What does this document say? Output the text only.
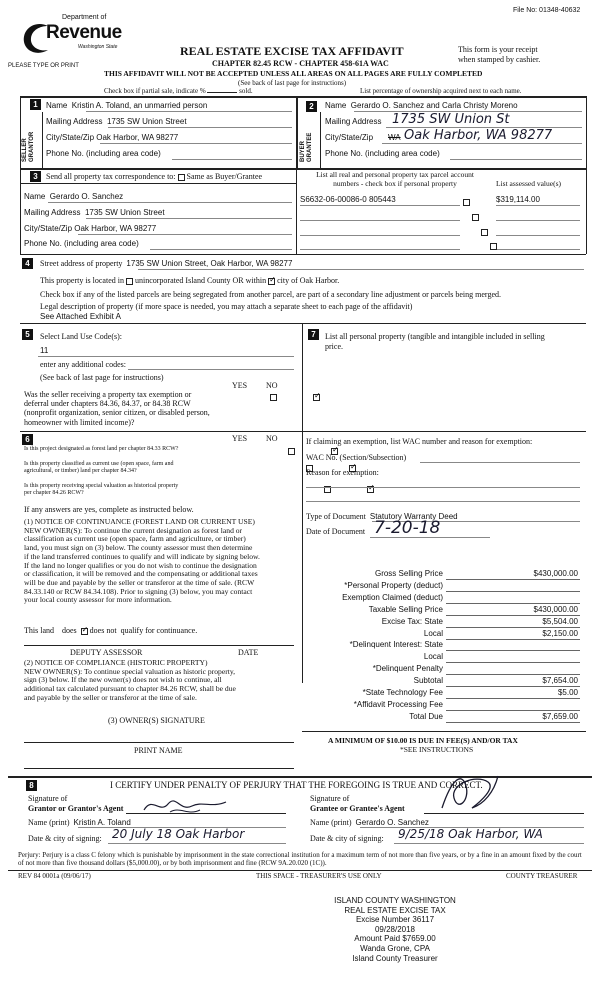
File No: 01348-40632
Department of
Revenue
Washington State
PLEASE TYPE OR PRINT
REAL ESTATE EXCISE TAX AFFIDAVIT
CHAPTER 82.45 RCW - CHAPTER 458-61A WAC
This form is your receipt
when stamped by cashier.
THIS AFFIDAVIT WILL NOT BE ACCEPTED UNLESS ALL AREAS ON ALL PAGES ARE FULLY COMPLETED
(See back of last page for instructions)
Check box if partial sale, indicate %	sold.	List percentage of ownership acquired next to each name.
1
SELLER GRANTOR
Name Kristin A. Toland, an unmarried person
Mailing Address 1735 SW Union Street
City/State/Zip Oak Harbor, WA 98277
Phone No. (including area code)
2
BUYER GRANTEE
Name Gerardo O. Sanchez and Carla Christy Moreno
Mailing Address 1735 SW Union St
City/State/Zip WA Oak Harbor, WA 98277
Phone No. (including area code)
3	Send all property tax correspondence to: Same as Buyer/Grantee
Name Gerardo O. Sanchez
Mailing Address 1735 SW Union Street
City/State/Zip Oak Harbor, WA 98277
Phone No. (including area code)
List all real and personal property tax parcel account
numbers - check box if personal property	List assessed value(s)
S6632-06-00086-0 805443	$319,114.00

4	Street address of property 1735 SW Union Street, Oak Harbor, WA 98277
This property is located in unincorporated Island County OR within ✓ city of Oak Harbor.
Check box if any of the listed parcels are being segregated from another parcel, are part of a secondary line adjustment or parcels being merged.
Legal description of property (if more space is needed, you may attach a separate sheet to each page of the affidavit)
See Attached Exhibit A
5	Select Land Use Code(s):
11
enter any additional codes:
(See back of last page for instructions)
YES NO
Was the seller receiving a property tax exemption or
deferral under chapters 84.36, 84.37, or 84.38 RCW
(nonprofit organization, senior citizen, or disabled person,
homeowner with limited income)?
✓
6	YES NO
Is this project designated as forest land per chapter 84.33 RCW?
✓
Is this property classified as current use (open space, farm and
agricultural, or timber) land per chapter 84.34?
✓
Is this property receiving special valuation as historical property
per chapter 84.26 RCW?
✓
If any answers are yes, complete as instructed below.
(1) NOTICE OF CONTINUANCE (FOREST LAND OR CURRENT USE)
NEW OWNER(S): To continue the current designation as forest land or
classification as current use (open space, farm and agriculture, or timber)
land, you must sign on (3) below. The county assessor must then determine
if the land transferred continues to qualify and will indicate by signing below.
If the land no longer qualifies or you do not wish to continue the designation
or classification, it will be removed and the compensating or additional taxes
will be due and payable by the seller or transferor at the time of sale. (RCW
84.33.140 or RCW 84.34.108). Prior to signing (3) below, you may contact
your local county assessor for more information.
This land does ✓ does not qualify for continuance.
DEPUTY ASSESSOR	DATE
(2) NOTICE OF COMPLIANCE (HISTORIC PROPERTY)
NEW OWNER(S): To continue special valuation as historic property,
sign (3) below. If the new owner(s) does not wish to continue, all
additional tax calculated pursuant to chapter 84.26 RCW, shall be due
and payable by the seller or transferor at the time of sale.
(3) OWNER(S) SIGNATURE
PRINT NAME
7	List all personal property (tangible and intangible included in selling
price.
If claiming an exemption, list WAC number and reason for exemption:
WAC No. (Section/Subsection)
Reason for exemption:
Type of Document Statutory Warranty Deed
Date of Document 7-20-18
Gross Selling Price	$430,000.00
*Personal Property (deduct)
Exemption Claimed (deduct)
Taxable Selling Price	$430,000.00
Excise Tax: State	$5,504.00
Local	$2,150.00
*Delinquent Interest: State
Local
*Delinquent Penalty
Subtotal	$7,654.00
*State Technology Fee	$5.00
*Affidavit Processing Fee
Total Due	$7,659.00
A MINIMUM OF $10.00 IS DUE IN FEE(S) AND/OR TAX
*SEE INSTRUCTIONS
8	I CERTIFY UNDER PENALTY OF PERJURY THAT THE FOREGOING IS TRUE AND CORRECT.
Signature of
Grantor or Grantor's Agent
Signature of
Grantee or Grantee's Agent
Name (print) Kristin A. Toland	Name (print) Gerardo O. Sanchez
Date & city of signing: 20 July 18 Oak Harbor	Date & city of signing: 9/25/18 Oak Harbor, WA
Perjury: Perjury is a class C felony which is punishable by imprisonment in the state correctional institution for a maximum term of not more than five years, or by a fine in an amount fixed by the court of not more than five thousand dollars ($5,000.00), or by both imprisonment and fine (RCW 9A.20.020 (1C)).
REV 84 0001a (09/06/17)	THIS SPACE - TREASURER'S USE ONLY	COUNTY TREASURER
ISLAND COUNTY WASHINGTON
REAL ESTATE EXCISE TAX
Excise Number 36117
09/28/2018
Amount Paid $7659.00
Wanda Grone, CPA
Island County Treasurer
